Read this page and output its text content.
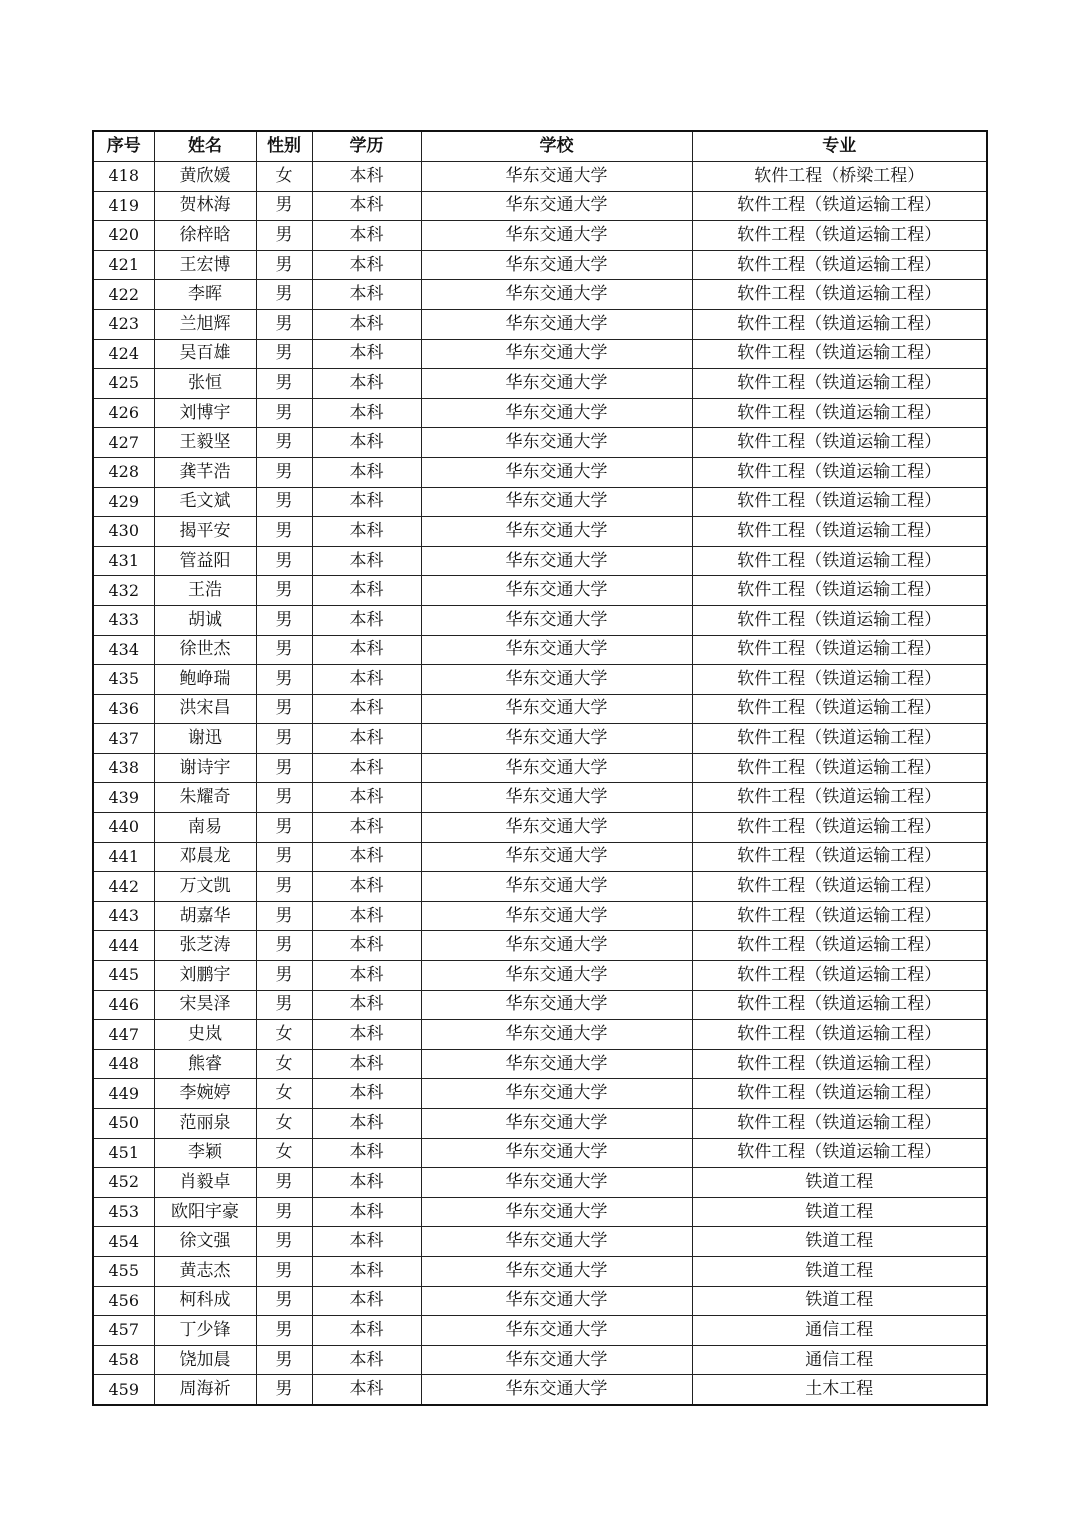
序号	姓名	性别	学历	学校	专业
418	黄欣媛	女	本科	华东交通大学	软件工程（桥梁工程）
419	贺林海	男	本科	华东交通大学	软件工程（铁道运输工程）
420	徐梓晗	男	本科	华东交通大学	软件工程（铁道运输工程）
421	王宏博	男	本科	华东交通大学	软件工程（铁道运输工程）
422	李晖	男	本科	华东交通大学	软件工程（铁道运输工程）
423	兰旭辉	男	本科	华东交通大学	软件工程（铁道运输工程）
424	吴百雄	男	本科	华东交通大学	软件工程（铁道运输工程）
425	张恒	男	本科	华东交通大学	软件工程（铁道运输工程）
426	刘博宇	男	本科	华东交通大学	软件工程（铁道运输工程）
427	王毅坚	男	本科	华东交通大学	软件工程（铁道运输工程）
428	龚芊浩	男	本科	华东交通大学	软件工程（铁道运输工程）
429	毛文斌	男	本科	华东交通大学	软件工程（铁道运输工程）
430	揭平安	男	本科	华东交通大学	软件工程（铁道运输工程）
431	管益阳	男	本科	华东交通大学	软件工程（铁道运输工程）
432	王浩	男	本科	华东交通大学	软件工程（铁道运输工程）
433	胡诚	男	本科	华东交通大学	软件工程（铁道运输工程）
434	徐世杰	男	本科	华东交通大学	软件工程（铁道运输工程）
435	鲍峥瑞	男	本科	华东交通大学	软件工程（铁道运输工程）
436	洪宋昌	男	本科	华东交通大学	软件工程（铁道运输工程）
437	谢迅	男	本科	华东交通大学	软件工程（铁道运输工程）
438	谢诗宇	男	本科	华东交通大学	软件工程（铁道运输工程）
439	朱耀奇	男	本科	华东交通大学	软件工程（铁道运输工程）
440	南易	男	本科	华东交通大学	软件工程（铁道运输工程）
441	邓晨龙	男	本科	华东交通大学	软件工程（铁道运输工程）
442	万文凯	男	本科	华东交通大学	软件工程（铁道运输工程）
443	胡嘉华	男	本科	华东交通大学	软件工程（铁道运输工程）
444	张芝涛	男	本科	华东交通大学	软件工程（铁道运输工程）
445	刘鹏宇	男	本科	华东交通大学	软件工程（铁道运输工程）
446	宋昊泽	男	本科	华东交通大学	软件工程（铁道运输工程）
447	史岚	女	本科	华东交通大学	软件工程（铁道运输工程）
448	熊睿	女	本科	华东交通大学	软件工程（铁道运输工程）
449	李婉婷	女	本科	华东交通大学	软件工程（铁道运输工程）
450	范丽泉	女	本科	华东交通大学	软件工程（铁道运输工程）
451	李颖	女	本科	华东交通大学	软件工程（铁道运输工程）
452	肖毅卓	男	本科	华东交通大学	铁道工程
453	欧阳宇豪	男	本科	华东交通大学	铁道工程
454	徐文强	男	本科	华东交通大学	铁道工程
455	黄志杰	男	本科	华东交通大学	铁道工程
456	柯科成	男	本科	华东交通大学	铁道工程
457	丁少锋	男	本科	华东交通大学	通信工程
458	饶加晨	男	本科	华东交通大学	通信工程
459	周海祈	男	本科	华东交通大学	土木工程
